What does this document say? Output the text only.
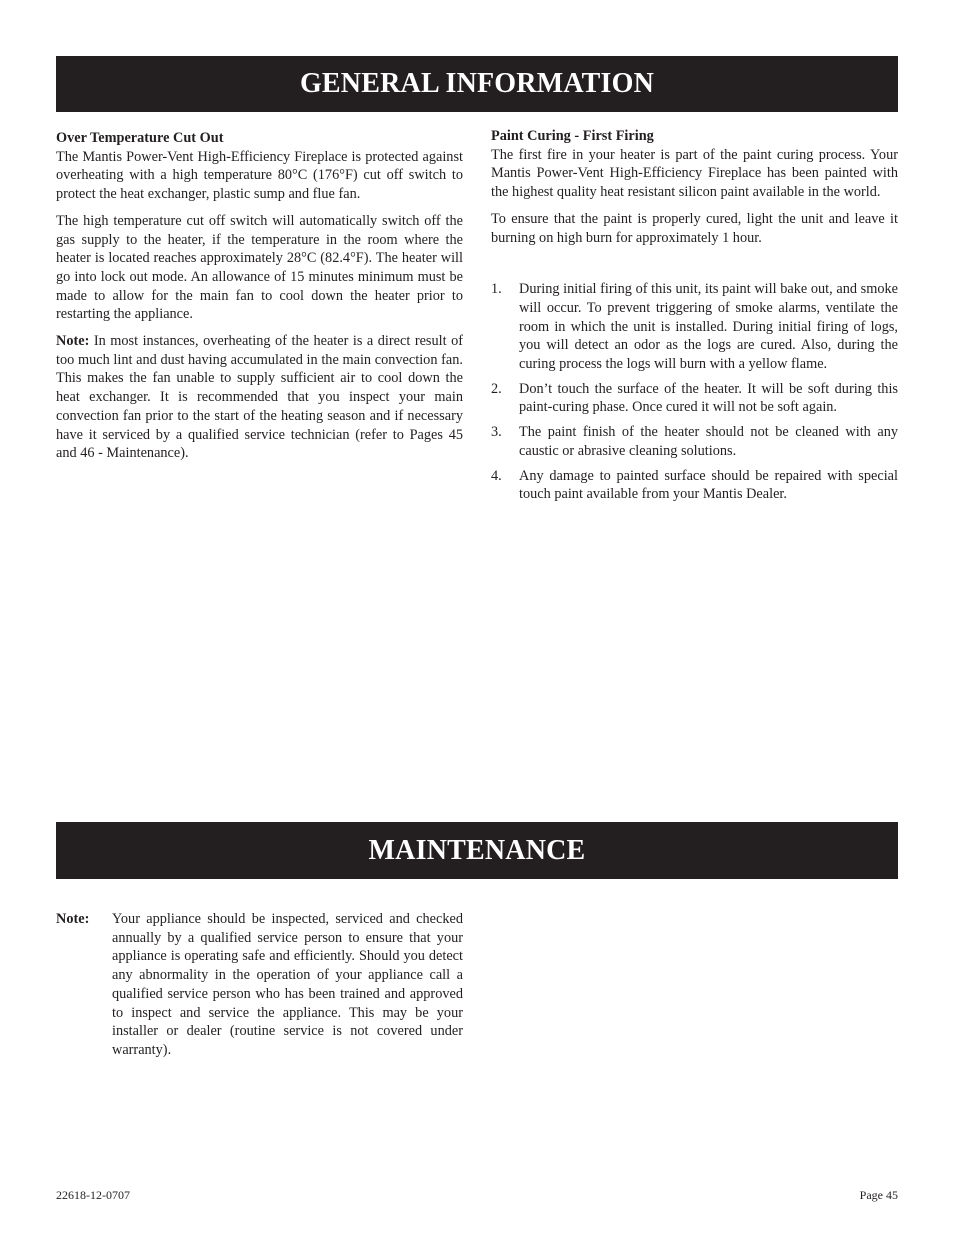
GENERAL INFORMATION
Over Temperature Cut Out

The Mantis Power-Vent High-Efficiency Fireplace is protected against overheating with a high temperature 80°C (176°F) cut off switch to protect the heat exchanger, plastic sump and flue fan.

The high temperature cut off switch will automatically switch off the gas supply to the heater, if the temperature in the room where the heater is located reaches approximately 28°C (82.4°F). The heater will go into lock out mode. An allowance of 15 minutes minimum must be made to allow for the main fan to cool down the heater prior to restarting the appliance.

Note: In most instances, overheating of the heater is a direct result of too much lint and dust having accumulated in the main convection fan. This makes the fan unable to supply sufficient air to cool down the heat exchanger. It is recommended that you inspect your main convection fan prior to the start of the heating season and if necessary have it serviced by a qualified service technician (refer to Pages 45 and 46 - Maintenance).

Paint Curing - First Firing

The first fire in your heater is part of the paint curing process. Your Mantis Power-Vent High-Efficiency Fireplace has been painted with the highest quality heat resistant silicon paint available in the world.

To ensure that the paint is properly cured, light the unit and leave it burning on high burn for approximately 1 hour.

1. During initial firing of this unit, its paint will bake out, and smoke will occur. To prevent triggering of smoke alarms, ventilate the room in which the unit is installed. During initial firing of logs, you will detect an odor as the logs are cured. Also, during the curing process the logs will burn with a yellow flame.
2. Don’t touch the surface of the heater. It will be soft during this paint-curing phase. Once cured it will not be soft again.
3. The paint finish of the heater should not be cleaned with any caustic or abrasive cleaning solutions.
4. Any damage to painted surface should be repaired with special touch paint available from your Mantis Dealer.
MAINTENANCE
Note: Your appliance should be inspected, serviced and checked annually by a qualified service person to ensure that your appliance is operating safe and efficiently. Should you detect any abnormality in the operation of your appliance call a qualified service person who has been trained and approved to inspect and service the appliance. This may be your installer or dealer (routine service is not covered under warranty).
22618-12-0707	Page 45
